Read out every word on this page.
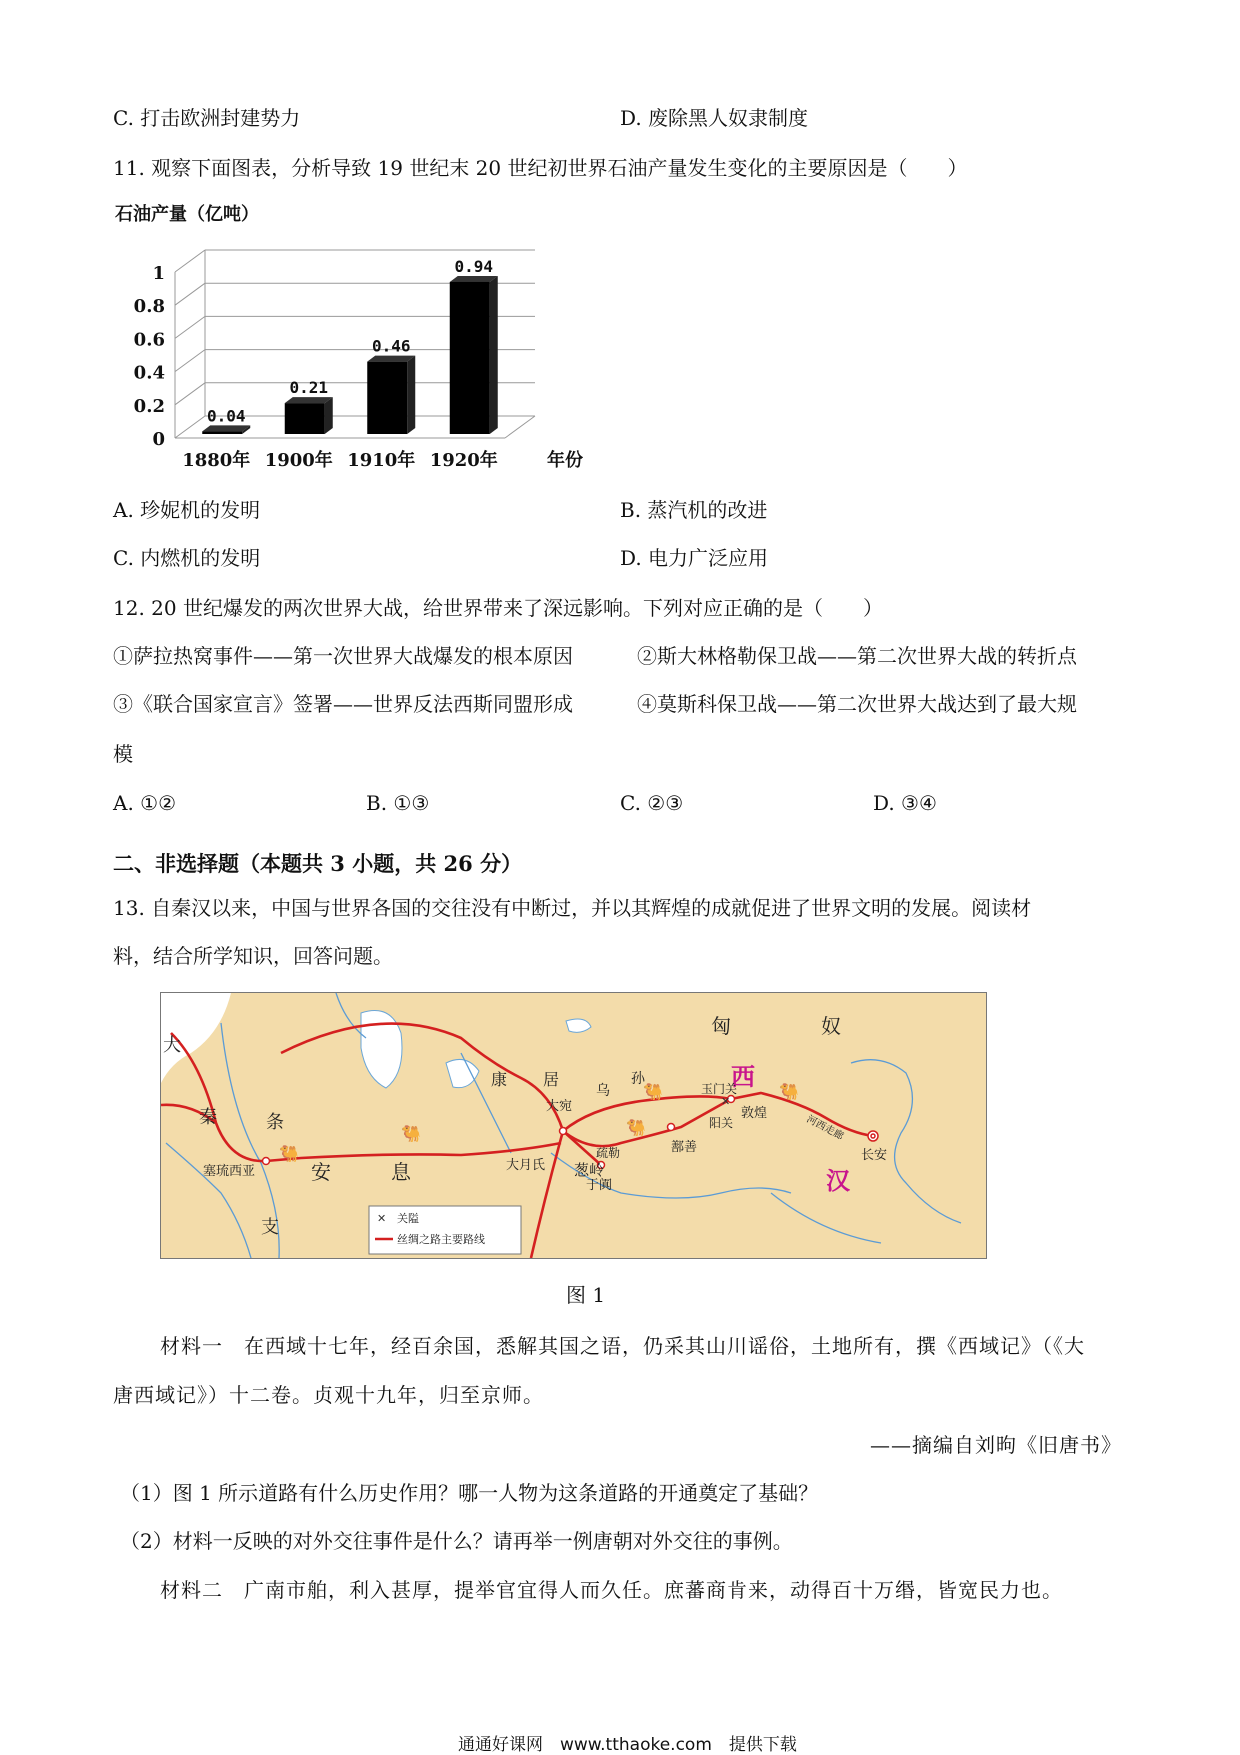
C. 打击欧洲封建势力	D. 废除黑人奴隶制度
11. 观察下面图表，分析导致 19 世纪末 20 世纪初世界石油产量发生变化的主要原因是（　　）
石油产量（亿吨）
0
0.2
0.4
0.6
0.8
1
0.04
1880年
0.21
1900年
0.46
1910年
0.94
1920年	年份
A. 珍妮机的发明	B. 蒸汽机的改进
C. 内燃机的发明	D. 电力广泛应用
12. 20 世纪爆发的两次世界大战，给世界带来了深远影响。下列对应正确的是（　　）
①萨拉热窝事件——第一次世界大战爆发的根本原因	②斯大林格勒保卫战——第二次世界大战的转折点
③《联合国家宣言》签署——世界反法西斯同盟形成	④莫斯科保卫战——第二次世界大战达到了最大规
模
A. ①②	B. ①③	C. ②③	D. ③④
二、非选择题（本题共 3 小题，共 26 分）
13. 自秦汉以来，中国与世界各国的交往没有中断过，并以其辉煌的成就促进了世界文明的发展。阅读材
料，结合所学知识，回答问题。
🐫
🐫	🐫
🐫	🐫
✕
大
秦	条
支
安	息
匈	奴
康 居
乌
孙	西
汉
大宛
疏勒
葱岭
大月氏
于阗
鄯善
玉门关
阳关
敦煌
河西走廊
长安
塞琉西亚
✕ 关隘
丝绸之路主要路线
图 1
材料一　在西域十七年，经百余国，悉解其国之语，仍采其山川谣俗，土地所有，撰《西域记》（《大
唐西域记》）十二卷。贞观十九年，归至京师。
——摘编自刘昫《旧唐书》
（1）图 1 所示道路有什么历史作用？哪一人物为这条道路的开通奠定了基础？
（2）材料一反映的对外交往事件是什么？请再举一例唐朝对外交往的事例。
材料二　广南市舶，利入甚厚，提举官宜得人而久任。庶蕃商肯来，动得百十万缗，皆宽民力也。
通通好课网　www.tthaoke.com　提供下载
